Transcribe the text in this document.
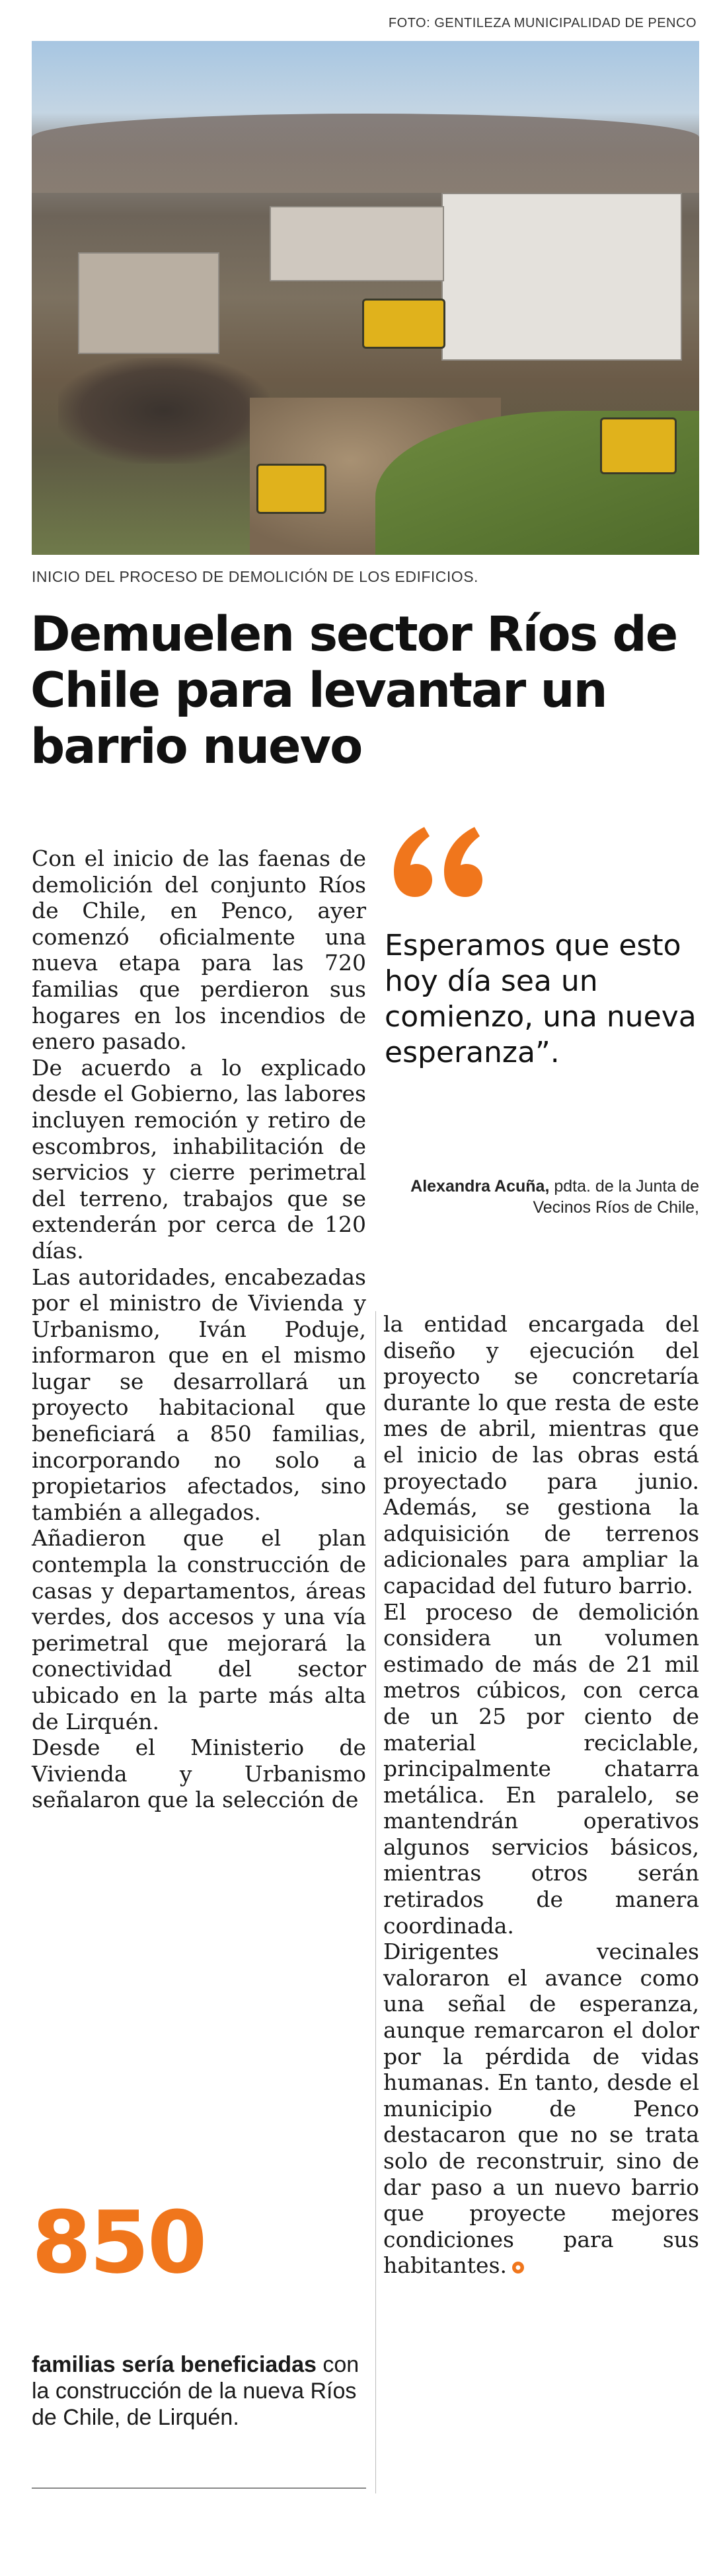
FOTO: GENTILEZA MUNICIPALIDAD DE PENCO
INICIO DEL PROCESO DE DEMOLICIÓN DE LOS EDIFICIOS.
Demuelen sector Ríos de Chile para levantar un barrio nuevo

Con el inicio de las faenas de demolición del conjunto Ríos de Chile, en Penco, ayer comenzó oficialmente una nueva etapa para las 720 familias que perdieron sus hogares en los incendios de enero pasado.

De acuerdo a lo explicado desde el Gobierno, las labores incluyen remoción y retiro de escombros, inhabilitación de servicios y cierre perimetral del terreno, trabajos que se extenderán por cerca de 120 días.

Las autoridades, encabezadas por el ministro de Vivienda y Urbanismo, Iván Poduje, informaron que en el mismo lugar se desarrollará un proyecto habitacional que beneficiará a 850 familias, incorporando no solo a propietarios afectados, sino también a allegados.

Añadieron que el plan contempla la construcción de casas y departamentos, áreas verdes, dos accesos y una vía perimetral que mejorará la conectividad del sector ubicado en la parte más alta de Lirquén.

Desde el Ministerio de Vivienda y Urbanismo señalaron que la selección de

Esperamos que esto hoy día sea un comienzo, una nueva esperanza”.

Alexandra Acuña, pdta. de la Junta de Vecinos Ríos de Chile,

la entidad encargada del diseño y ejecución del proyecto se concretaría durante lo que resta de este mes de abril, mientras que el inicio de las obras está proyectado para junio. Además, se gestiona la adquisición de terrenos adicionales para ampliar la capacidad del futuro barrio.

El proceso de demolición considera un volumen estimado de más de 21 mil metros cúbicos, con cerca de un 25 por ciento de material reciclable, principalmente chatarra metálica. En paralelo, se mantendrán operativos algunos servicios básicos, mientras otros serán retirados de manera coordinada.

Dirigentes vecinales valoraron el avance como una señal de esperanza, aunque remarcaron el dolor por la pérdida de vidas humanas. En tanto, desde el municipio de Penco destacaron que no se trata solo de reconstruir, sino de dar paso a un nuevo barrio que proyecte mejores condiciones para sus habitantes.

850

familias sería beneficiadas con la construcción de la nueva Ríos de Chile, de Lirquén.
